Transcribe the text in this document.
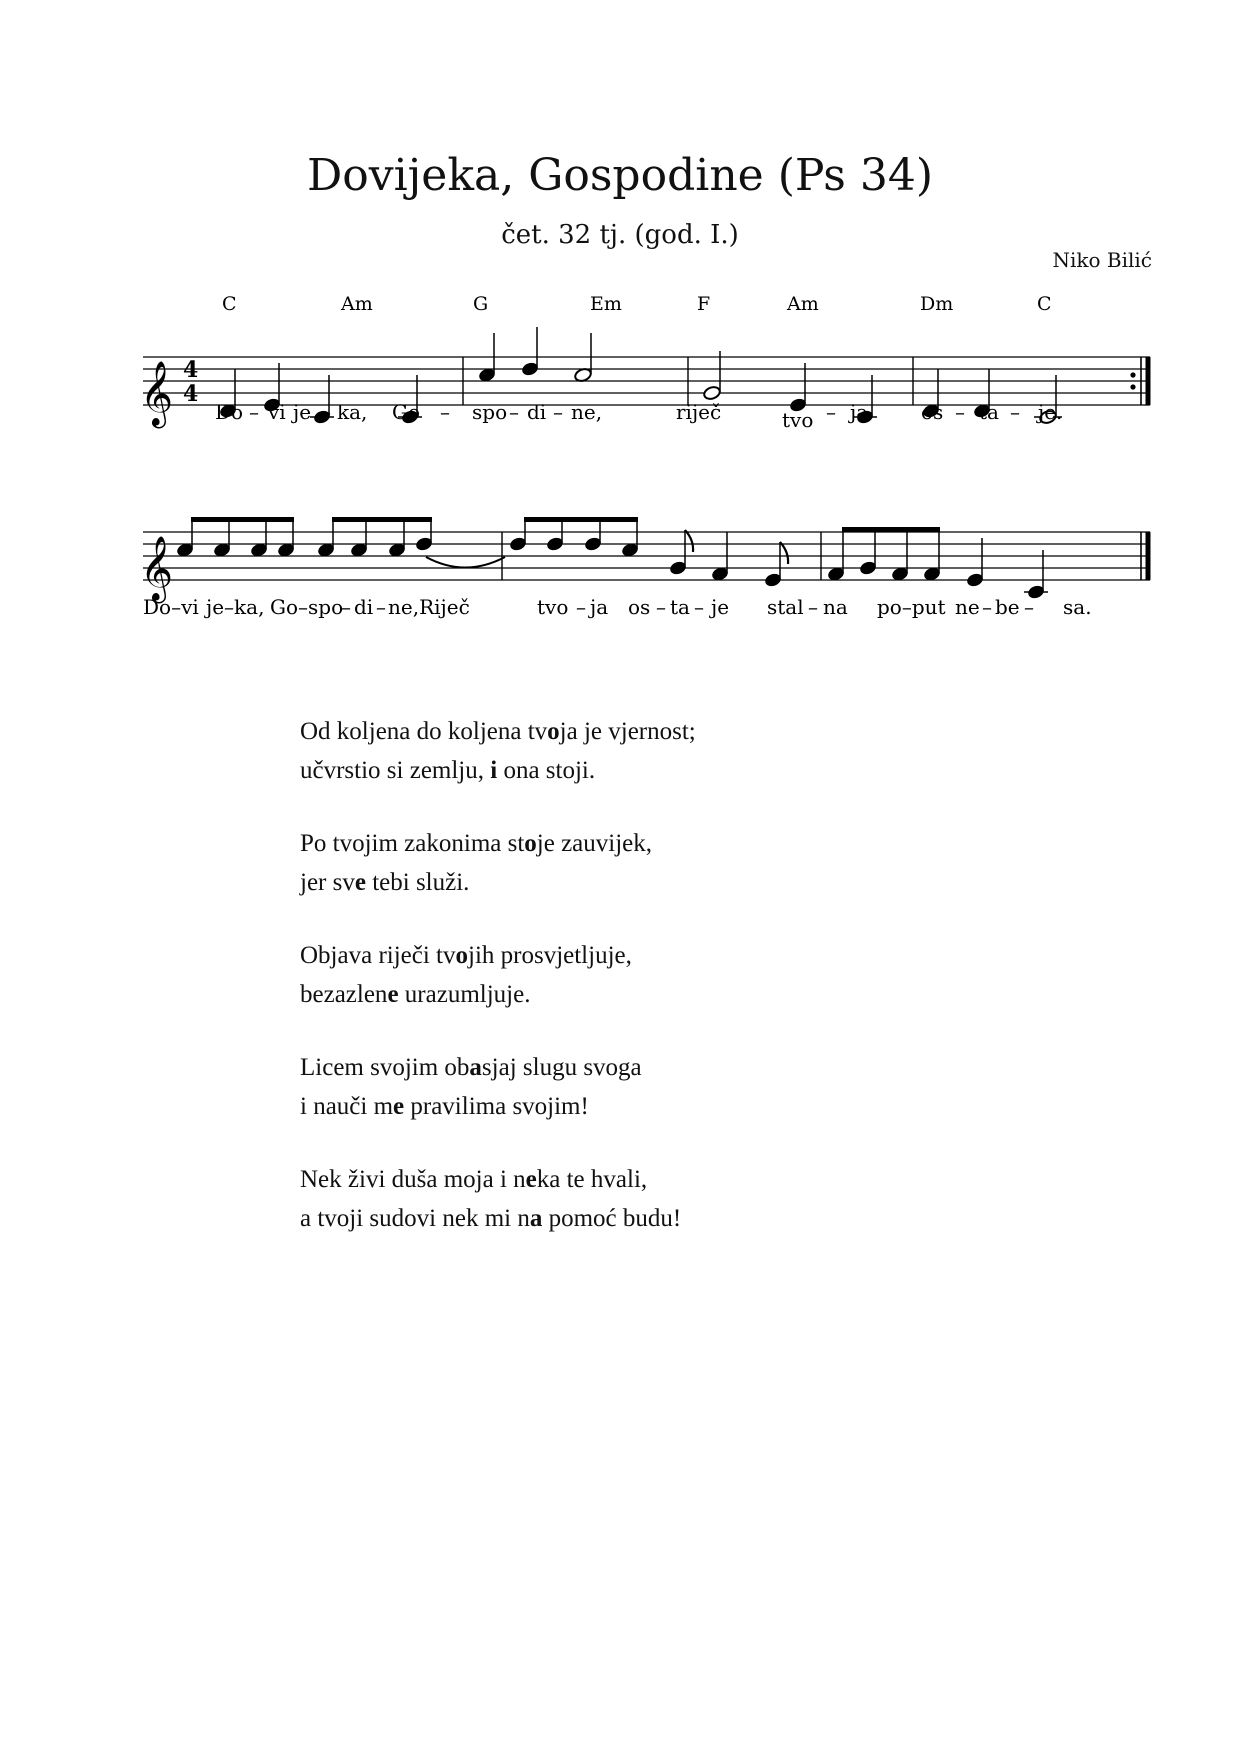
Dovijeka, Gospodine (Ps 34)
čet. 32 tj. (god. I.)
Niko Bilić
𝄞 4
4
C	Am	G	Em	F	Am	Dm	C
Do – vi je – ka, Go – spo – di – ne,	riječ	tvo – ja	os – ta – je.
𝄞
Do–vi je–ka, Go–spo
– di – ne,Riječ	tvo – ja os – ta – je stal – na po–put ne – be – sa.
Od koljena do koljena tvoja je vjernost;
učvrstio si zemlju, i ona stoji.
Po tvojim zakonima stoje zauvijek,
jer sve tebi služi.
Objava riječi tvojih prosvjetljuje,
bezazlene urazumljuje.
Licem svojim obasjaj slugu svoga
i nauči me pravilima svojim!
Nek živi duša moja i neka te hvali,
a tvoji sudovi nek mi na pomoć budu!
